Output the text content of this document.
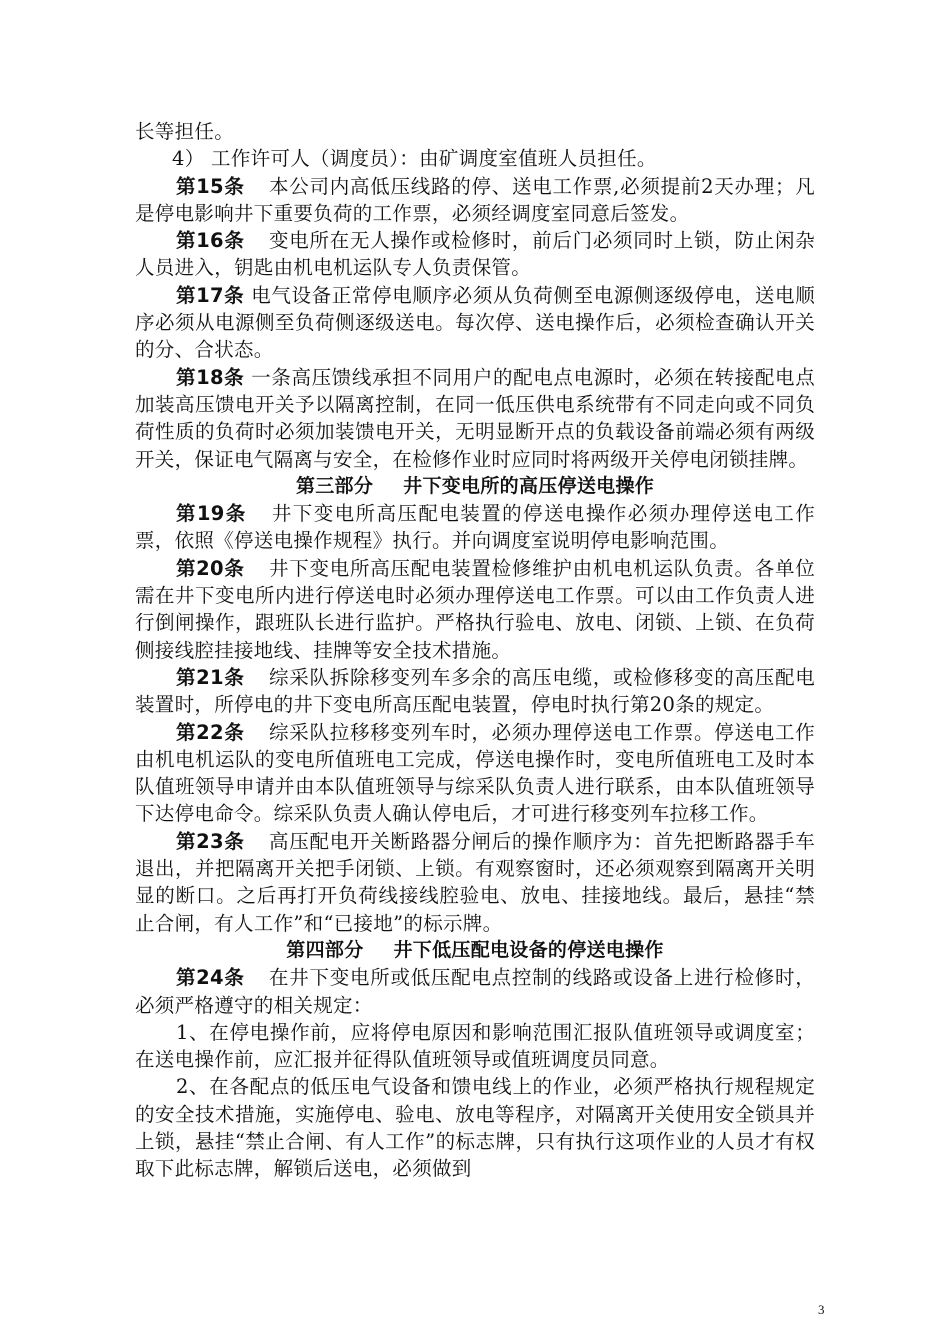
长等担任。

4） 工作许可人（调度员）：由矿调度室值班人员担任。

第15条 本公司内高低压线路的停、送电工作票,必须提前2天办理；凡是停电影响井下重要负荷的工作票，必须经调度室同意后签发。

第16条 变电所在无人操作或检修时，前后门必须同时上锁，防止闲杂人员进入，钥匙由机电机运队专人负责保管。

第17条 电气设备正常停电顺序必须从负荷侧至电源侧逐级停电，送电顺序必须从电源侧至负荷侧逐级送电。每次停、送电操作后，必须检查确认开关的分、合状态。

第18条 一条高压馈线承担不同用户的配电点电源时，必须在转接配电点加装高压馈电开关予以隔离控制，在同一低压供电系统带有不同走向或不同负荷性质的负荷时必须加装馈电开关，无明显断开点的负载设备前端必须有两级开关，保证电气隔离与安全，在检修作业时应同时将两级开关停电闭锁挂牌。

第三部分 井下变电所的高压停送电操作

第19条 井下变电所高压配电装置的停送电操作必须办理停送电工作票，依照《停送电操作规程》执行。并向调度室说明停电影响范围。

第20条 井下变电所高压配电装置检修维护由机电机运队负责。各单位需在井下变电所内进行停送电时必须办理停送电工作票。可以由工作负责人进行倒闸操作，跟班队长进行监护。严格执行验电、放电、闭锁、上锁、在负荷侧接线腔挂接地线、挂牌等安全技术措施。

第21条 综采队拆除移变列车多余的高压电缆，或检修移变的高压配电装置时，所停电的井下变电所高压配电装置，停电时执行第20条的规定。

第22条 综采队拉移移变列车时，必须办理停送电工作票。停送电工作由机电机运队的变电所值班电工完成，停送电操作时，变电所值班电工及时本队值班领导申请并由本队值班领导与综采队负责人进行联系，由本队值班领导下达停电命令。综采队负责人确认停电后，才可进行移变列车拉移工作。

第23条 高压配电开关断路器分闸后的操作顺序为：首先把断路器手车退出，并把隔离开关把手闭锁、上锁。有观察窗时，还必须观察到隔离开关明显的断口。之后再打开负荷线接线腔验电、放电、挂接地线。最后，悬挂“禁止合闸，有人工作”和“已接地”的标示牌。

第四部分 井下低压配电设备的停送电操作

第24条 在井下变电所或低压配电点控制的线路或设备上进行检修时，必须严格遵守的相关规定：

1、在停电操作前，应将停电原因和影响范围汇报队值班领导或调度室；在送电操作前，应汇报并征得队值班领导或值班调度员同意。

2、在各配点的低压电气设备和馈电线上的作业，必须严格执行规程规定的安全技术措施，实施停电、验电、放电等程序，对隔离开关使用安全锁具并上锁，悬挂“禁止合闸、有人工作”的标志牌，只有执行这项作业的人员才有权取下此标志牌，解锁后送电，必须做到

3
